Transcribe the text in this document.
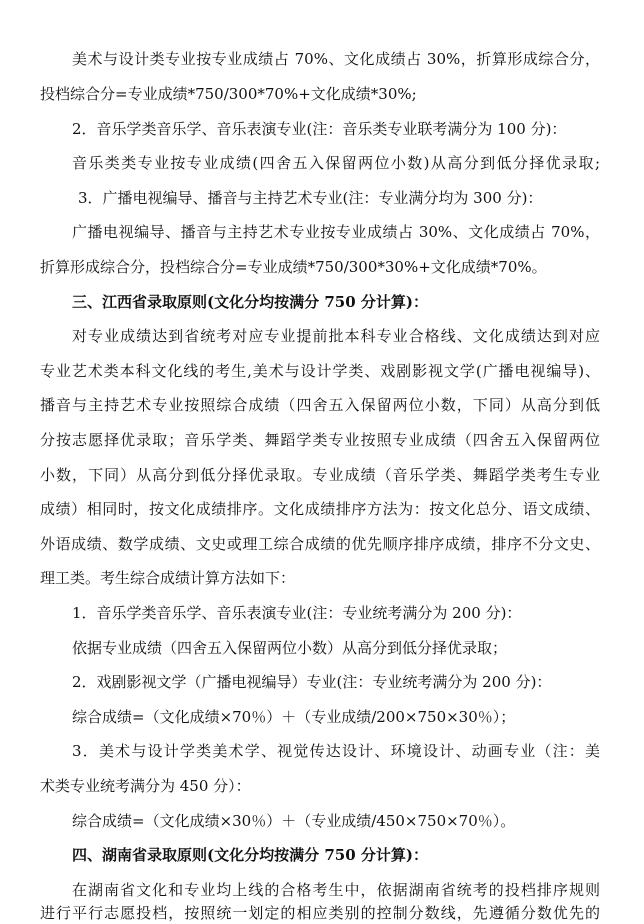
美术与设计类专业按专业成绩占 70%、文化成绩占 30%，折算形成综合分，
投档综合分=专业成绩*750/300*70%+文化成绩*30%;
2．音乐学类音乐学、音乐表演专业(注：音乐类专业联考满分为 100 分)：
音乐类类专业按专业成绩(四舍五入保留两位小数)从高分到低分择优录取;
3．广播电视编导、播音与主持艺术专业(注：专业满分均为 300 分)：
广播电视编导、播音与主持艺术专业按专业成绩占 30%、文化成绩占 70%，
折算形成综合分，投档综合分=专业成绩*750/300*30%+文化成绩*70%。
三、江西省录取原则(文化分均按满分 750 分计算)：
对专业成绩达到省统考对应专业提前批本科专业合格线、文化成绩达到对应
专业艺术类本科文化线的考生,美术与设计学类、戏剧影视文学(广播电视编导)、
播音与主持艺术专业按照综合成绩（四舍五入保留两位小数，下同）从高分到低
分按志愿择优录取；音乐学类、舞蹈学类专业按照专业成绩（四舍五入保留两位
小数，下同）从高分到低分择优录取。专业成绩（音乐学类、舞蹈学类考生专业
成绩）相同时，按文化成绩排序。文化成绩排序方法为：按文化总分、语文成绩、
外语成绩、数学成绩、文史或理工综合成绩的优先顺序排序成绩，排序不分文史、
理工类。考生综合成绩计算方法如下：
1．音乐学类音乐学、音乐表演专业(注：专业统考满分为 200 分)：
依据专业成绩（四舍五入保留两位小数）从高分到低分择优录取；
2．戏剧影视文学（广播电视编导）专业(注：专业统考满分为 200 分)：
综合成绩=（文化成绩×70％）＋（专业成绩/200×750×30％）；
3．美术与设计学类美术学、视觉传达设计、环境设计、动画专业（注：美
术类专业统考满分为 450 分）：
综合成绩=（文化成绩×30％）＋（专业成绩/450×750×70％）。
四、湖南省录取原则(文化分均按满分 750 分计算)：
在湖南省文化和专业均上线的合格考生中，依据湖南省统考的投档排序规则
进行平行志愿投档，按照统一划定的相应类别的控制分数线，先遵循分数优先的
